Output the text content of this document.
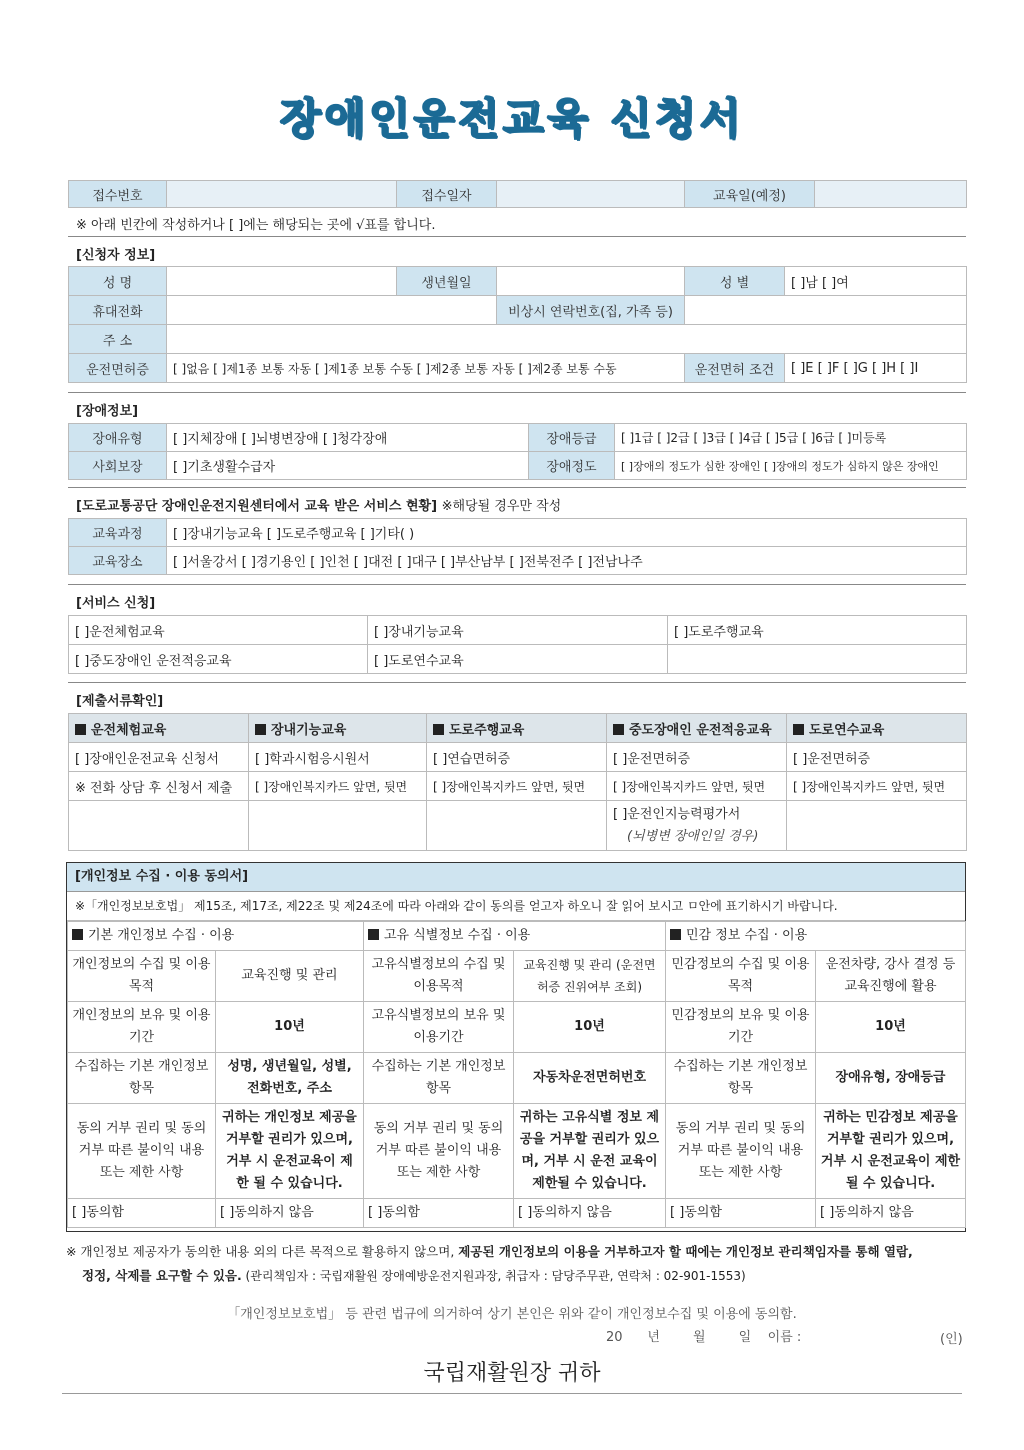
장애인운전교육 신청서
접수번호		접수일자		교육일(예정)	
※ 아래 빈칸에 작성하거나 [ ]에는 해당되는 곳에 √표를 합니다.
[신청자 정보]
성 명		생년월일		성 별	[ ]남 [ ]여
휴대전화			비상시 연락번호(집, 가족 등)		
주 소					
운전면허증	[ ]없음 [ ]제1종 보통 자동 [ ]제1종 보통 수동 [ ]제2종 보통 자동 [ ]제2종 보통 수동			운전면허 조건	[ ]E [ ]F [ ]G [ ]H [ ]I
[장애정보]
장애유형	[ ]지체장애 [ ]뇌병변장애 [ ]청각장애	장애등급	[ ]1급 [ ]2급 [ ]3급 [ ]4급 [ ]5급 [ ]6급 [ ]미등록
사회보장	[ ]기초생활수급자	장애정도	[ ]장애의 정도가 심한 장애인 [ ]장애의 정도가 심하지 않은 장애인
[도로교통공단 장애인운전지원센터에서 교육 받은 서비스 현황] ※해당될 경우만 작성
교육과정	[ ]장내기능교육 [ ]도로주행교육 [ ]기타( )
교육장소	[ ]서울강서 [ ]경기용인 [ ]인천 [ ]대전 [ ]대구 [ ]부산남부 [ ]전북전주 [ ]전남나주
[서비스 신청]
[ ]운전체험교육	[ ]장내기능교육	[ ]도로주행교육
[ ]중도장애인 운전적응교육	[ ]도로연수교육	
[제출서류확인]
운전체험교육	장내기능교육	도로주행교육	중도장애인 운전적응교육	도로연수교육
[ ]장애인운전교육 신청서	[ ]학과시험응시원서	[ ]연습면허증	[ ]운전면허증	[ ]운전면허증
※ 전화 상담 후 신청서 제출	[ ]장애인복지카드 앞면, 뒷면	[ ]장애인복지카드 앞면, 뒷면	[ ]장애인복지카드 앞면, 뒷면	[ ]장애인복지카드 앞면, 뒷면

			[ ]운전인지능력평가서
(뇌병변 장애인일 경우)	

[개인정보 수집 · 이용 동의서]
※「개인정보보호법」 제15조, 제17조, 제22조 및 제24조에 따라 아래와 같이 동의를 얻고자 하오니 잘 읽어 보시고 ㅁ안에 표기하시기 바랍니다.
기본 개인정보 수집 · 이용		고유 식별정보 수집 · 이용		민감 정보 수집 · 이용	
개인정보의 수집 및 이용목적	교육진행 및 관리	고유식별정보의 수집 및 이용목적	교육진행 및 관리 (운전면허증 진위여부 조회)	민감정보의 수집 및 이용목적	운전차량, 강사 결정 등 교육진행에 활용
개인정보의 보유 및 이용기간	10년	고유식별정보의 보유 및 이용기간	10년	민감정보의 보유 및 이용기간	10년
수집하는 기본 개인정보 항목	성명, 생년월일, 성별, 전화번호, 주소	수집하는 기본 개인정보 항목	자동차운전면허번호	수집하는 기본 개인정보 항목	장애유형, 장애등급
동의 거부 권리 및 동의 거부 따른 불이익 내용 또는 제한 사항	귀하는 개인정보 제공을 거부할 권리가 있으며, 거부 시 운전교육이 제한 될 수 있습니다.	동의 거부 권리 및 동의 거부 따른 불이익 내용 또는 제한 사항	귀하는 고유식별 정보 제공을 거부할 권리가 있으며, 거부 시 운전 교육이 제한될 수 있습니다.	동의 거부 권리 및 동의 거부 따른 불이익 내용 또는 제한 사항	귀하는 민감정보 제공을 거부할 권리가 있으며, 거부 시 운전교육이 제한될 수 있습니다.
[ ]동의함	[ ]동의하지 않음	[ ]동의함	[ ]동의하지 않음	[ ]동의함	[ ]동의하지 않음
※ 개인정보 제공자가 동의한 내용 외의 다른 목적으로 활용하지 않으며, 제공된 개인정보의 이용을 거부하고자 할 때에는 개인정보 관리책임자를 통해 열람,
정정, 삭제를 요구할 수 있음. (관리책임자 : 국립재활원 장애예방운전지원과장, 취급자 : 담당주무관, 연락처 : 02-901-1553)
「개인정보보호법」 등 관련 법규에 의거하여 상기 본인은 위와 같이 개인정보수집 및 이용에 동의함.
20      년        월        일    이름 :	(인)
국립재활원장 귀하
